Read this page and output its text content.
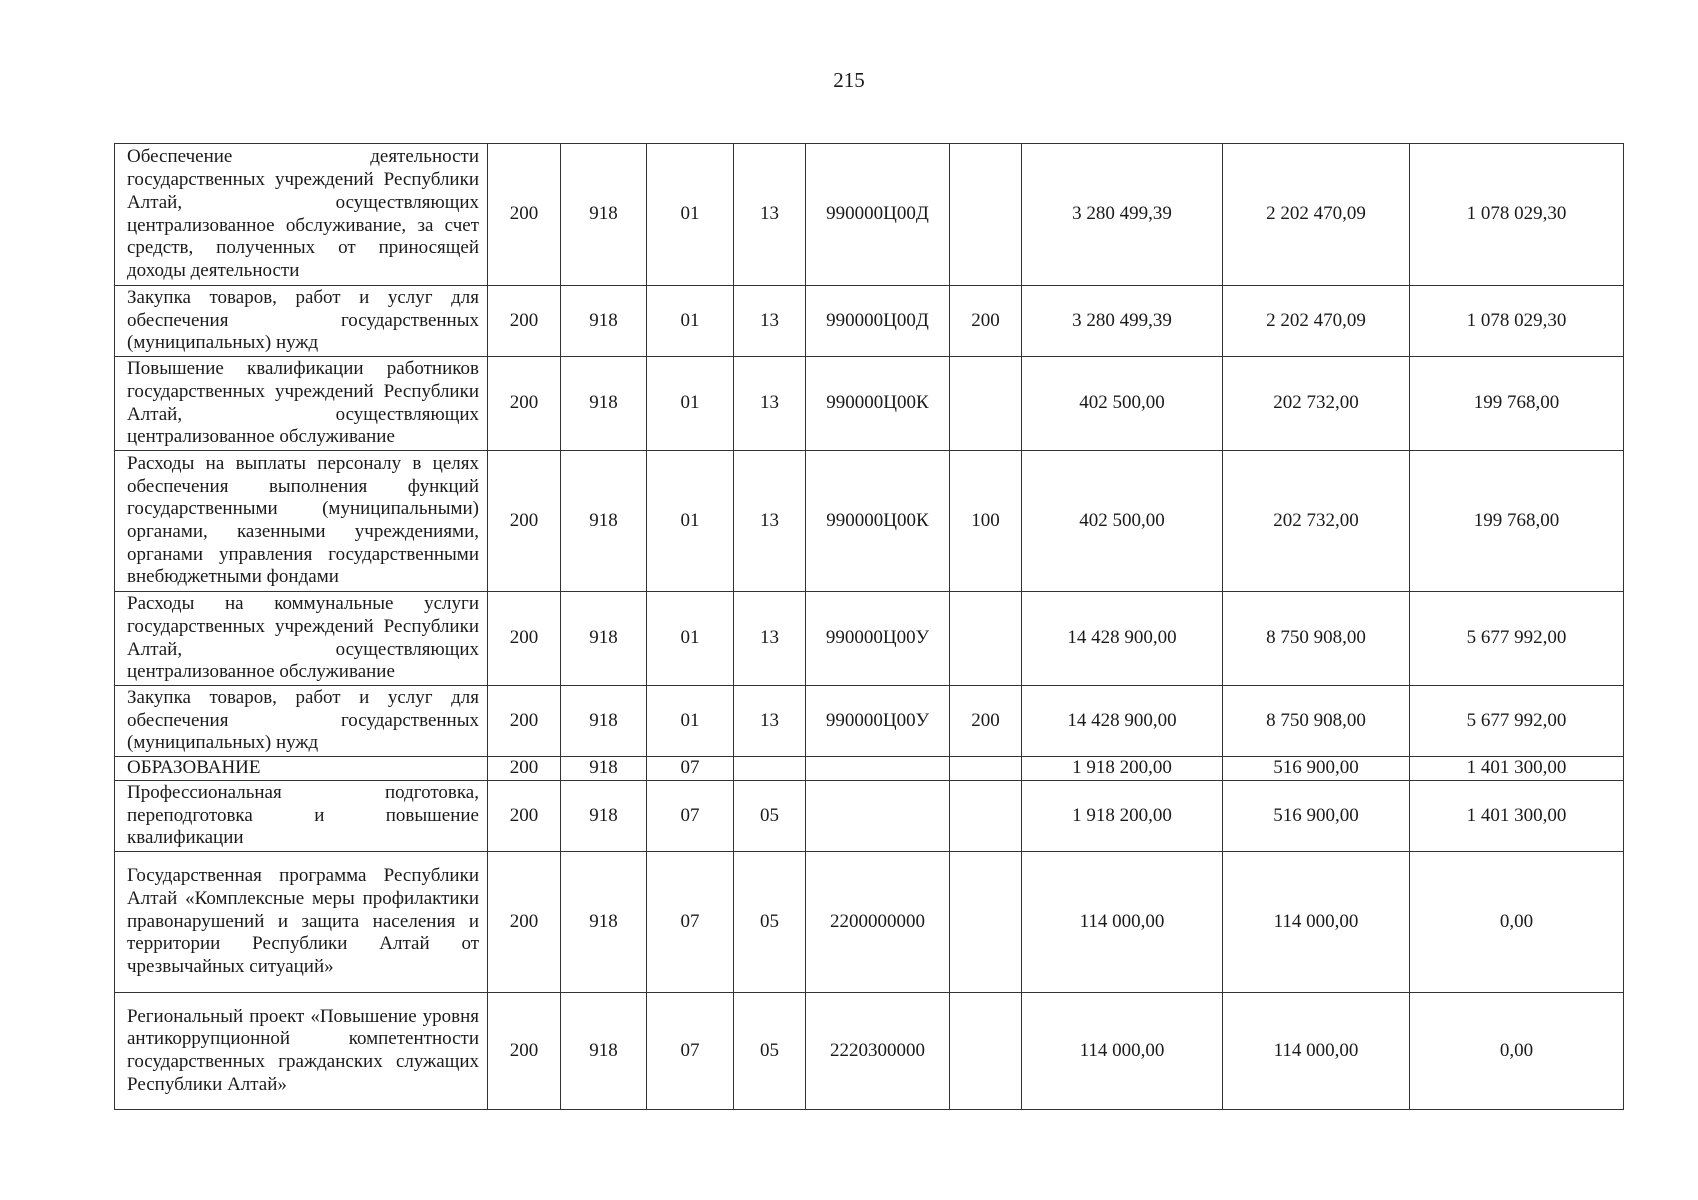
215
Обеспечение деятельности государственных учреждений Республики Алтай, осуществляющих централизованное обслуживание, за счет средств, полученных от приносящей доходы деятельности	200	918	01	13	990000Ц00Д		3 280 499,39	2 202 470,09	1 078 029,30
Закупка товаров, работ и услуг для обеспечения государственных (муниципальных) нужд	200	918	01	13	990000Ц00Д	200	3 280 499,39	2 202 470,09	1 078 029,30
Повышение квалификации работников государственных учреждений Республики Алтай, осуществляющих централизованное обслуживание	200	918	01	13	990000Ц00К		402 500,00	202 732,00	199 768,00
Расходы на выплаты персоналу в целях обеспечения выполнения функций государственными (муниципальными) органами, казенными учреждениями, органами управления государственными внебюджетными фондами	200	918	01	13	990000Ц00К	100	402 500,00	202 732,00	199 768,00
Расходы на коммунальные услуги государственных учреждений Республики Алтай, осуществляющих централизованное обслуживание	200	918	01	13	990000Ц00У		14 428 900,00	8 750 908,00	5 677 992,00
Закупка товаров, работ и услуг для обеспечения государственных (муниципальных) нужд	200	918	01	13	990000Ц00У	200	14 428 900,00	8 750 908,00	5 677 992,00
ОБРАЗОВАНИЕ	200	918	07				1 918 200,00	516 900,00	1 401 300,00
Профессиональная подготовка, переподготовка и повышение квалификации	200	918	07	05			1 918 200,00	516 900,00	1 401 300,00
Государственная программа Республики Алтай «Комплексные меры профилактики правонарушений и защита населения и территории Республики Алтай от чрезвычайных ситуаций»	200	918	07	05	2200000000		114 000,00	114 000,00	0,00
Региональный проект «Повышение уровня антикоррупционной компетентности государственных гражданских служащих Республики Алтай»	200	918	07	05	2220300000		114 000,00	114 000,00	0,00
